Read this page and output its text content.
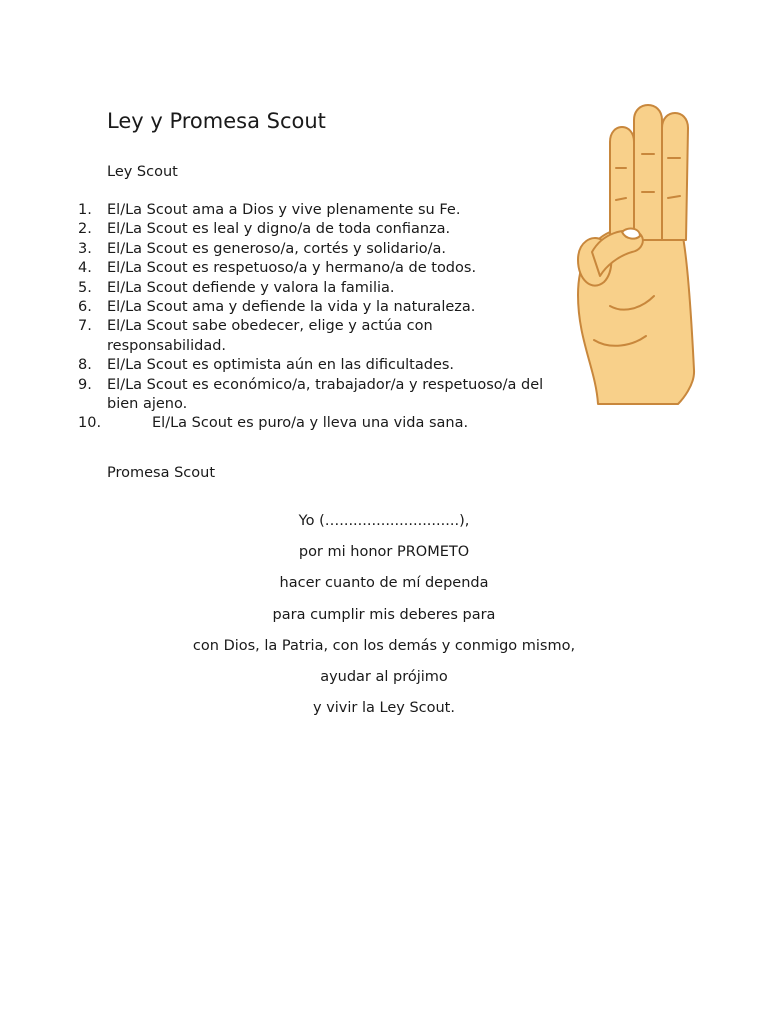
Ley y Promesa Scout
Ley Scout
1.	El/La Scout ama a Dios y vive plenamente su Fe.
2.	El/La Scout es leal y digno/a de toda confianza.
3.	El/La Scout es generoso/a, cortés y solidario/a.
4.	El/La Scout es respetuoso/a y hermano/a de todos.
5.	El/La Scout defiende y valora la familia.
6.	El/La Scout ama y defiende la vida y la naturaleza.
7.	El/La Scout sabe obedecer, elige y actúa con responsabilidad.
8.	El/La Scout es optimista aún en las dificultades.
9.	El/La Scout es económico/a, trabajador/a y respetuoso/a del bien ajeno.
10.	El/La Scout es puro/a y lleva una vida sana.
Promesa Scout
Yo (…..........................),
por mi honor PROMETO
hacer cuanto de mí dependa
para cumplir mis deberes para
con Dios, la Patria, con los demás y conmigo mismo,
ayudar al prójimo
y vivir la Ley Scout.
